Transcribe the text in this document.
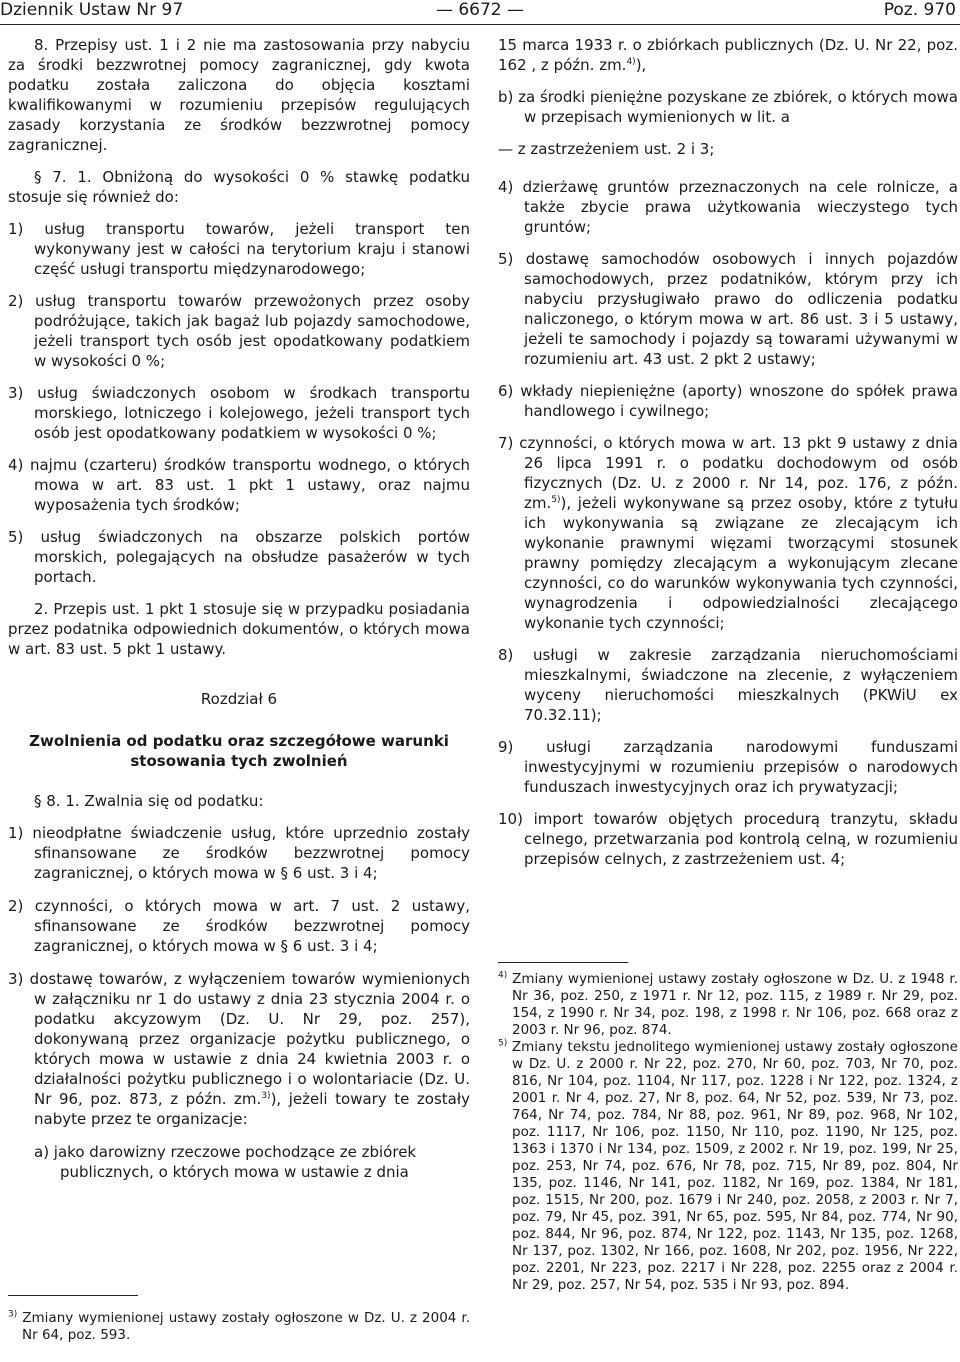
Dziennik Ustaw Nr 97	— 6672 —	Poz. 970

8. Przepisy ust. 1 i 2 nie ma zastosowania przy nabyciu za środki bezzwrotnej pomocy zagranicznej, gdy kwota podatku została zaliczona do objęcia kosztami kwalifikowanymi w rozumieniu przepisów regulujących zasady korzystania ze środków bezzwrotnej pomocy zagranicznej.

§ 7. 1. Obniżoną do wysokości 0 % stawkę podatku stosuje się również do:

1) usług transportu towarów, jeżeli transport ten wykonywany jest w całości na terytorium kraju i stanowi część usługi transportu międzynarodowego;

2) usług transportu towarów przewożonych przez osoby podróżujące, takich jak bagaż lub pojazdy samochodowe, jeżeli transport tych osób jest opodatkowany podatkiem w wysokości 0 %;

3) usług świadczonych osobom w środkach transportu morskiego, lotniczego i kolejowego, jeżeli transport tych osób jest opodatkowany podatkiem w wysokości 0 %;

4) najmu (czarteru) środków transportu wodnego, o których mowa w art. 83 ust. 1 pkt 1 ustawy, oraz najmu wyposażenia tych środków;

5) usług świadczonych na obszarze polskich portów morskich, polegających na obsłudze pasażerów w tych portach.

2. Przepis ust. 1 pkt 1 stosuje się w przypadku posiadania przez podatnika odpowiednich dokumentów, o których mowa w art. 83 ust. 5 pkt 1 ustawy.

Rozdział 6

Zwolnienia od podatku oraz szczegółowe warunki stosowania tych zwolnień

§ 8. 1. Zwalnia się od podatku:

1) nieodpłatne świadczenie usług, które uprzednio zostały sfinansowane ze środków bezzwrotnej pomocy zagranicznej, o których mowa w § 6 ust. 3 i 4;

2) czynności, o których mowa w art. 7 ust. 2 ustawy, sfinansowane ze środków bezzwrotnej pomocy zagranicznej, o których mowa w § 6 ust. 3 i 4;

3) dostawę towarów, z wyłączeniem towarów wymienionych w załączniku nr 1 do ustawy z dnia 23 stycznia 2004 r. o podatku akcyzowym (Dz. U. Nr 29, poz. 257), dokonywaną przez organizacje pożytku publicznego, o których mowa w ustawie z dnia 24 kwietnia 2003 r. o działalności pożytku publicznego i o wolontariacie (Dz. U. Nr 96, poz. 873, z późn. zm.$^{3)}$), jeżeli towary te zostały nabyte przez te organizacje:

a) jako darowizny rzeczowe pochodzące ze zbiórek publicznych, o których mowa w ustawie z dnia

$^{3)}$ Zmiany wymienionej ustawy zostały ogłoszone w Dz. U. z 2004 r. Nr 64, poz. 593.

15 marca 1933 r. o zbiórkach publicznych (Dz. U. Nr 22, poz. 162 , z późn. zm.$^{4)}$),

b) za środki pieniężne pozyskane ze zbiórek, o których mowa w przepisach wymienionych w lit. a

— z zastrzeżeniem ust. 2 i 3;

4) dzierżawę gruntów przeznaczonych na cele rolnicze, a także zbycie prawa użytkowania wieczystego tych gruntów;

5) dostawę samochodów osobowych i innych pojazdów samochodowych, przez podatników, którym przy ich nabyciu przysługiwało prawo do odliczenia podatku naliczonego, o którym mowa w art. 86 ust. 3 i 5 ustawy, jeżeli te samochody i pojazdy są towarami używanymi w rozumieniu art. 43 ust. 2 pkt 2 ustawy;

6) wkłady niepieniężne (aporty) wnoszone do spółek prawa handlowego i cywilnego;

7) czynności, o których mowa w art. 13 pkt 9 ustawy z dnia 26 lipca 1991 r. o podatku dochodowym od osób fizycznych (Dz. U. z 2000 r. Nr 14, poz. 176, z późn. zm.$^{5)}$), jeżeli wykonywane są przez osoby, które z tytułu ich wykonywania są związane ze zlecającym ich wykonanie prawnymi więzami tworzącymi stosunek prawny pomiędzy zlecającym a wykonującym zlecane czynności, co do warunków wykonywania tych czynności, wynagrodzenia i odpowiedzialności zlecającego wykonanie tych czynności;

8) usługi w zakresie zarządzania nieruchomościami mieszkalnymi, świadczone na zlecenie, z wyłączeniem wyceny nieruchomości mieszkalnych (PKWiU ex 70.32.11);

9) usługi zarządzania narodowymi funduszami inwestycyjnymi w rozumieniu przepisów o narodowych funduszach inwestycyjnych oraz ich prywatyzacji;

10) import towarów objętych procedurą tranzytu, składu celnego, przetwarzania pod kontrolą celną, w rozumieniu przepisów celnych, z zastrzeżeniem ust. 4;

$^{4)}$ Zmiany wymienionej ustawy zostały ogłoszone w Dz. U. z 1948 r. Nr 36, poz. 250, z 1971 r. Nr 12, poz. 115, z 1989 r. Nr 29, poz. 154, z 1990 r. Nr 34, poz. 198, z 1998 r. Nr 106, poz. 668 oraz z 2003 r. Nr 96, poz. 874.

$^{5)}$ Zmiany tekstu jednolitego wymienionej ustawy zostały ogłoszone w Dz. U. z 2000 r. Nr 22, poz. 270, Nr 60, poz. 703, Nr 70, poz. 816, Nr 104, poz. 1104, Nr 117, poz. 1228 i Nr 122, poz. 1324, z 2001 r. Nr 4, poz. 27, Nr 8, poz. 64, Nr 52, poz. 539, Nr 73, poz. 764, Nr 74, poz. 784, Nr 88, poz. 961, Nr 89, poz. 968, Nr 102, poz. 1117, Nr 106, poz. 1150, Nr 110, poz. 1190, Nr 125, poz. 1363 i 1370 i Nr 134, poz. 1509, z 2002 r. Nr 19, poz. 199, Nr 25, poz. 253, Nr 74, poz. 676, Nr 78, poz. 715, Nr 89, poz. 804, Nr 135, poz. 1146, Nr 141, poz. 1182, Nr 169, poz. 1384, Nr 181, poz. 1515, Nr 200, poz. 1679 i Nr 240, poz. 2058, z 2003 r. Nr 7, poz. 79, Nr 45, poz. 391, Nr 65, poz. 595, Nr 84, poz. 774, Nr 90, poz. 844, Nr 96, poz. 874, Nr 122, poz. 1143, Nr 135, poz. 1268, Nr 137, poz. 1302, Nr 166, poz. 1608, Nr 202, poz. 1956, Nr 222, poz. 2201, Nr 223, poz. 2217 i Nr 228, poz. 2255 oraz z 2004 r. Nr 29, poz. 257, Nr 54, poz. 535 i Nr 93, poz. 894.
